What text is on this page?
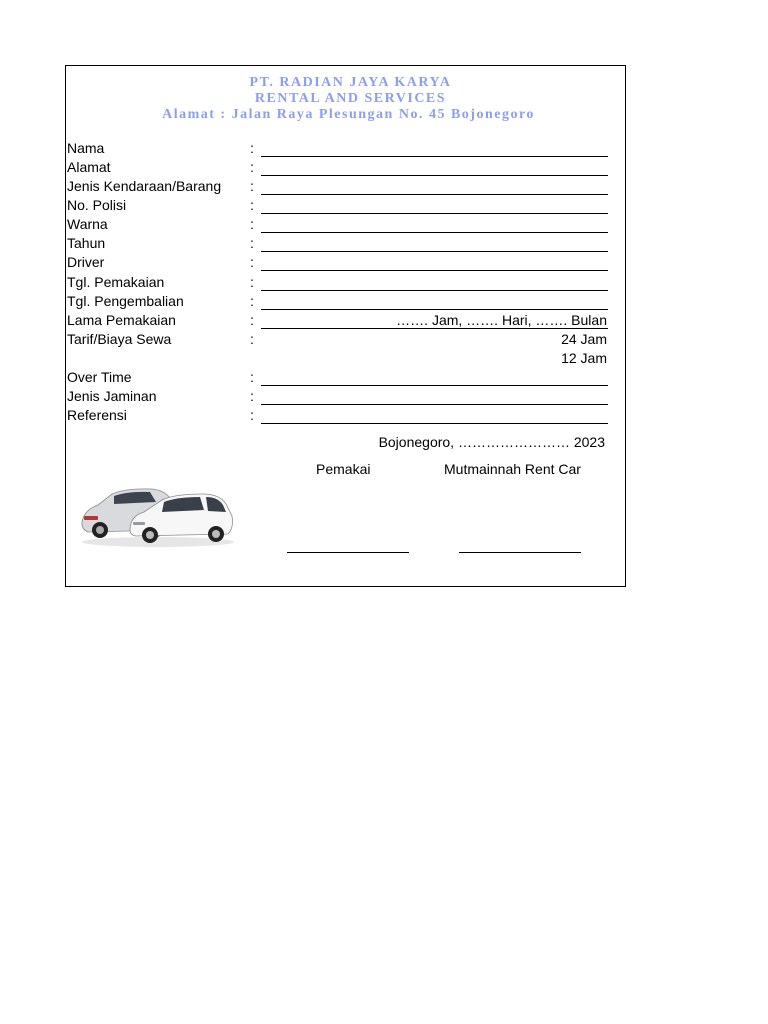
PT. RADIAN JAYA KARYA
RENTAL AND SERVICES
Alamat : Jalan Raya Plesungan No. 45 Bojonegoro
Nama	:
Alamat	:
Jenis Kendaraan/Barang :
No. Polisi	:
Warna	:
Tahun	:
Driver	:
Tgl. Pemakaian	:
Tgl. Pengembalian	:
Lama Pemakaian	:	……. Jam, ……. Hari, ……. Bulan
Tarif/Biaya Sewa	:	24 Jam
12 Jam
Over Time	:
Jenis Jaminan	:
Referensi	:
Bojonegoro, …………………… 2023
Pemakai	Mutmainnah Rent Car
